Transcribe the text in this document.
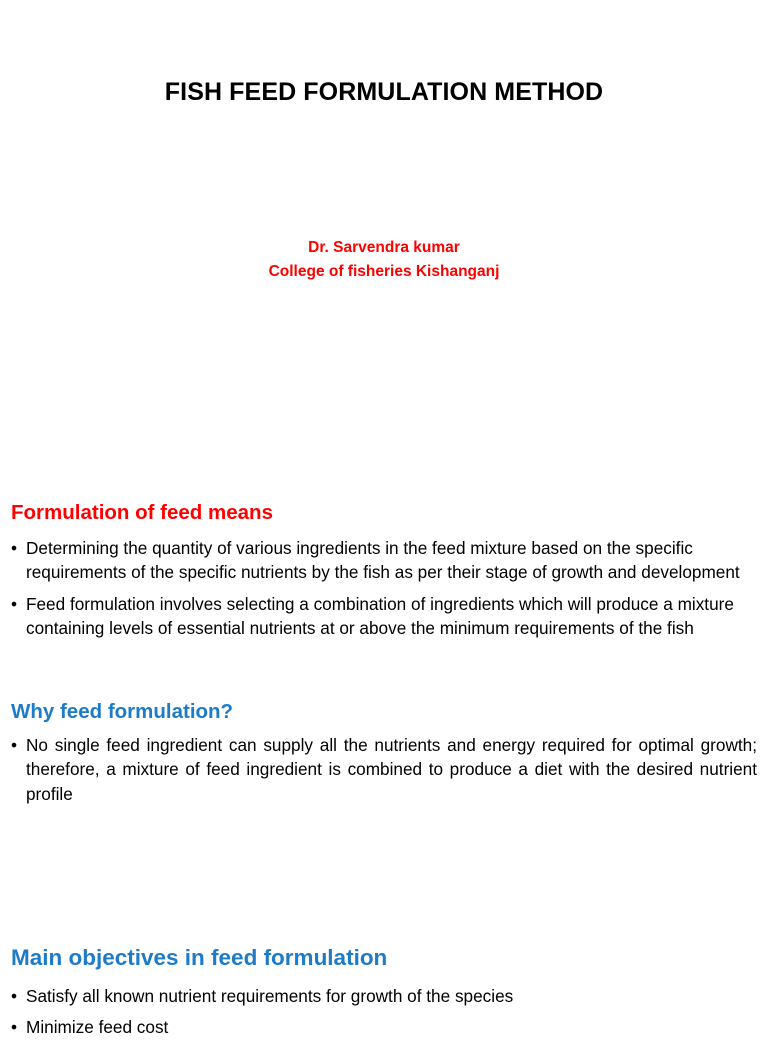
FISH FEED FORMULATION METHOD
Dr. Sarvendra kumar
College of fisheries Kishanganj
Formulation of feed means
• Determining the quantity of various ingredients in the feed mixture based on the specific requirements of the specific nutrients by the fish as per their stage of growth and development
• Feed formulation involves selecting a combination of ingredients which will produce a mixture containing levels of essential nutrients at or above the minimum requirements of the fish
Why feed formulation?
• No single feed ingredient can supply all the nutrients and energy required for optimal growth; therefore, a mixture of feed ingredient is combined to produce a diet with the desired nutrient profile
Main objectives in feed formulation
• Satisfy all known nutrient requirements for growth of the species
• Minimize feed cost
